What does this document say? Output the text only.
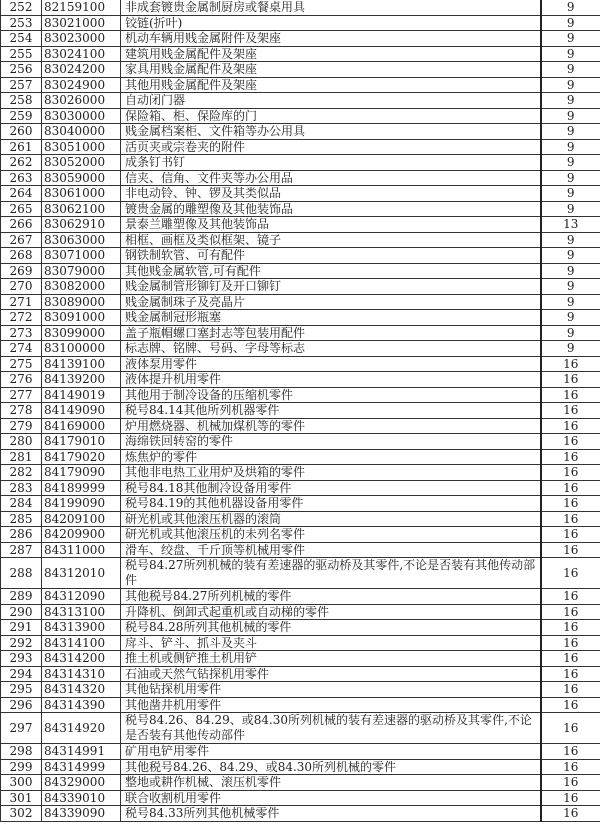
252	82159100	非成套镀贵金属制厨房或餐桌用具	9
253	83021000	铰链(折叶)	9
254	83023000	机动车辆用贱金属附件及架座	9
255	83024100	建筑用贱金属配件及架座	9
256	83024200	家具用贱金属配件及架座	9
257	83024900	其他用贱金属配件及架座	9
258	83026000	自动闭门器	9
259	83030000	保险箱、柜、保险库的门	9
260	83040000	贱金属档案柜、文件箱等办公用具	9
261	83051000	活页夹或宗卷夹的附件	9
262	83052000	成条钉书钉	9
263	83059000	信夹、信角、文件夹等办公用品	9
264	83061000	非电动铃、钟、锣及其类似品	9
265	83062100	镀贵金属的雕塑像及其他装饰品	9
266	83062910	景泰兰雕塑像及其他装饰品	13
267	83063000	相框、画框及类似框架、镜子	9
268	83071000	钢铁制软管、可有配件	9
269	83079000	其他贱金属软管,可有配件	9
270	83082000	贱金属制管形铆钉及开口铆钉	9
271	83089000	贱金属制珠子及亮晶片	9
272	83091000	贱金属制冠形瓶塞	9
273	83099000	盖子瓶帽螺口塞封志等包装用配件	9
274	83100000	标志牌、铭牌、号码、字母等标志	9
275	84139100	液体泵用零件	16
276	84139200	液体提升机用零件	16
277	84149019	其他用于制冷设备的压缩机零件	16
278	84149090	税号84.14其他所列机器零件	16
279	84169000	炉用燃烧器、机械加煤机等的零件	16
280	84179010	海绵铁回转窑的零件	16
281	84179020	炼焦炉的零件	16
282	84179090	其他非电热工业用炉及烘箱的零件	16
283	84189999	税号84.18其他制冷设备用零件	16
284	84199090	税号84.19的其他机器设备用零件	16
285	84209100	研光机或其他滚压机器的滚筒	16
286	84209900	研光机或其他滚压机的未列名零件	16
287	84311000	滑车、绞盘、千斤顶等机械用零件	16
288	84312010	税号84.27所列机械的装有差速器的驱动桥及其零件,不论是否装有其他传动部件	16
289	84312090	其他税号84.27所列机械的零件	16
290	84313100	升降机、倒卸式起重机或自动梯的零件	16
291	84313900	税号84.28所列其他机械的零件	16
292	84314100	戽斗、铲斗、抓斗及夹斗	16
293	84314200	推土机或侧铲推土机用铲	16
294	84314310	石油或天然气钻探机用零件	16
295	84314320	其他钻探机用零件	16
296	84314390	其他凿井机用零件	16
297	84314920	税号84.26、84.29、或84.30所列机械的装有差速器的驱动桥及其零件,不论是否装有其他传动部件	16
298	84314991	矿用电铲用零件	16
299	84314999	其他税号84.26、84.29、或84.30所列机械的零件	16
300	84329000	整地或耕作机械、滚压机零件	16
301	84339010	联合收割机用零件	16
302	84339090	税号84.33所列其他机械零件	16
